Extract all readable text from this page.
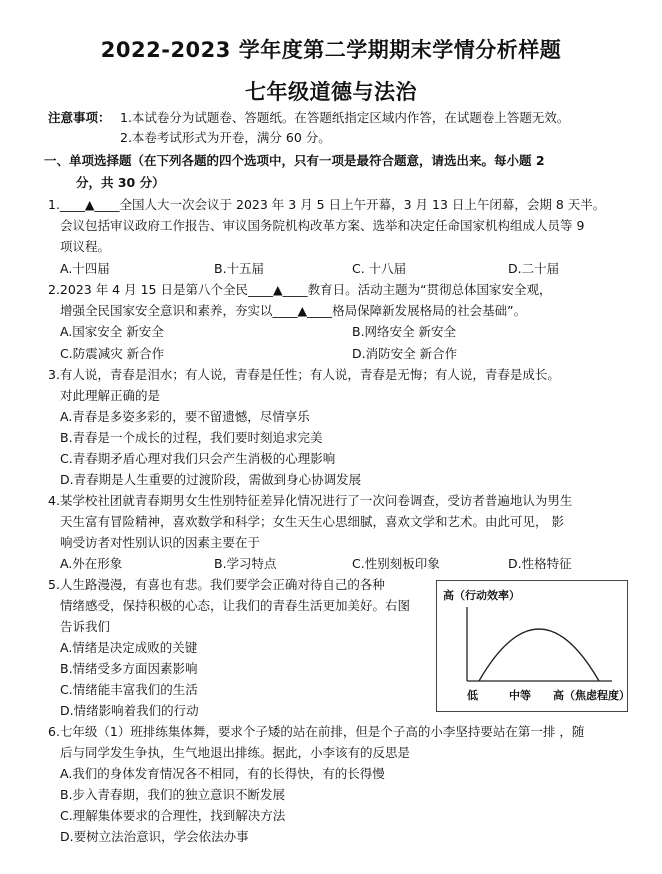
2022-2023 学年度第二学期期末学情分析样题
七年级道德与法治
注意事项： 1.本试卷分为试题卷、答题纸。在答题纸指定区域内作答，在试题卷上答题无效。
2.本卷考试形式为开卷，满分 60 分。
一、单项选择题（在下列各题的四个选项中，只有一项是最符合题意，请选出来。每小题 2
分，共 30 分）
1.____▲____全国人大一次会议于 2023 年 3 月 5 日上午开幕，3 月 13 日上午闭幕，会期 8 天半。
会议包括审议政府工作报告、审议国务院机构改革方案、选举和决定任命国家机构组成人员等 9
项议程。
A.十四届	B.十五届	C. 十八届	D.二十届
2.2023 年 4 月 15 日是第八个全民____▲____教育日。活动主题为“贯彻总体国家安全观，
增强全民国家安全意识和素养，夯实以____▲____格局保障新发展格局的社会基础”。
A.国家安全 新安全	B.网络安全 新安全
C.防震减灾 新合作	D.消防安全 新合作
3.有人说，青春是泪水；有人说，青春是任性；有人说，青春是无悔；有人说，青春是成长。
对此理解正确的是
A.青春是多姿多彩的，要不留遗憾，尽情享乐
B.青春是一个成长的过程，我们要时刻追求完美
C.青春期矛盾心理对我们只会产生消极的心理影响
D.青春期是人生重要的过渡阶段，需做到身心协调发展
4.某学校社团就青春期男女生性别特征差异化情况进行了一次问卷调查，受访者普遍地认为男生
天生富有冒险精神，喜欢数学和科学；女生天生心思细腻，喜欢文学和艺术。由此可见， 影
响受访者对性别认识的因素主要在于
A.外在形象	B.学习特点	C.性别刻板印象	D.性格特征
5.人生路漫漫，有喜也有悲。我们要学会正确对待自己的各种
情绪感受，保持积极的心态，让我们的青春生活更加美好。右图
告诉我们
A.情绪是决定成败的关键
B.情绪受多方面因素影响
C.情绪能丰富我们的生活
D.情绪影响着我们的行动
高（行动效率）
低	中等 高（焦虑程度）
6.七年级（1）班排练集体舞，要求个子矮的站在前排，但是个子高的小李坚持要站在第一排 ，随
后与同学发生争执，生气地退出排练。据此，小李该有的反思是
A.我们的身体发育情况各不相同，有的长得快，有的长得慢
B.步入青春期，我们的独立意识不断发展
C.理解集体要求的合理性，找到解决方法
D.要树立法治意识，学会依法办事
